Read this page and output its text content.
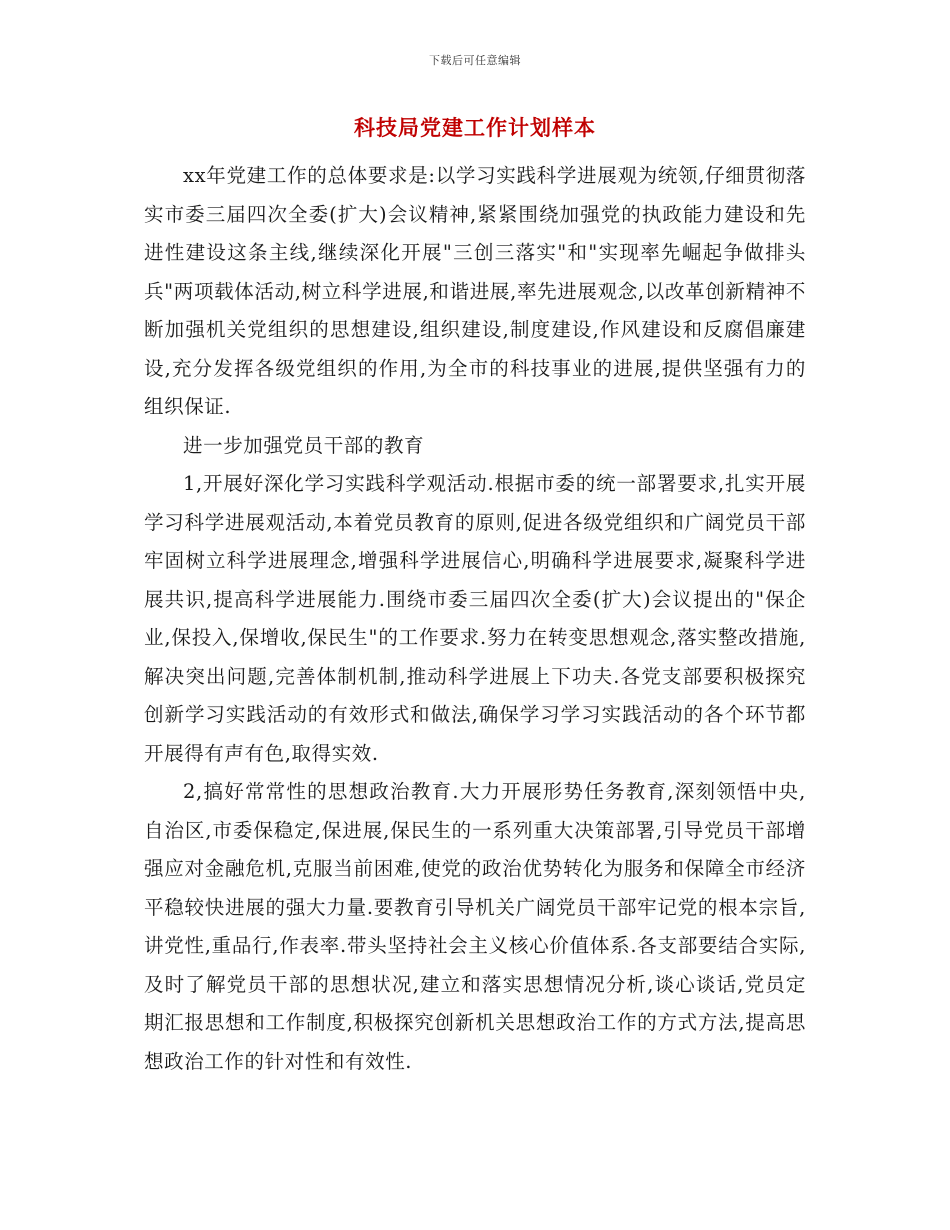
下载后可任意编辑
科技局党建工作计划样本

xx年党建工作的总体要求是:以学习实践科学进展观为统领,仔细贯彻落实市委三届四次全委(扩大)会议精神,紧紧围绕加强党的执政能力建设和先进性建设这条主线,继续深化开展"三创三落实"和"实现率先崛起争做排头兵"两项载体活动,树立科学进展,和谐进展,率先进展观念,以改革创新精神不断加强机关党组织的思想建设,组织建设,制度建设,作风建设和反腐倡廉建设,充分发挥各级党组织的作用,为全市的科技事业的进展,提供坚强有力的组织保证.

进一步加强党员干部的教育

1,开展好深化学习实践科学观活动.根据市委的统一部署要求,扎实开展学习科学进展观活动,本着党员教育的原则,促进各级党组织和广阔党员干部牢固树立科学进展理念,增强科学进展信心,明确科学进展要求,凝聚科学进展共识,提高科学进展能力.围绕市委三届四次全委(扩大)会议提出的"保企业,保投入,保增收,保民生"的工作要求.努力在转变思想观念,落实整改措施,解决突出问题,完善体制机制,推动科学进展上下功夫.各党支部要积极探究创新学习实践活动的有效形式和做法,确保学习学习实践活动的各个环节都开展得有声有色,取得实效.

2,搞好常常性的思想政治教育.大力开展形势任务教育,深刻领悟中央,自治区,市委保稳定,保进展,保民生的一系列重大决策部署,引导党员干部增强应对金融危机,克服当前困难,使党的政治优势转化为服务和保障全市经济平稳较快进展的强大力量.要教育引导机关广阔党员干部牢记党的根本宗旨,讲党性,重品行,作表率.带头坚持社会主义核心价值体系.各支部要结合实际,及时了解党员干部的思想状况,建立和落实思想情况分析,谈心谈话,党员定期汇报思想和工作制度,积极探究创新机关思想政治工作的方式方法,提高思想政治工作的针对性和有效性.
